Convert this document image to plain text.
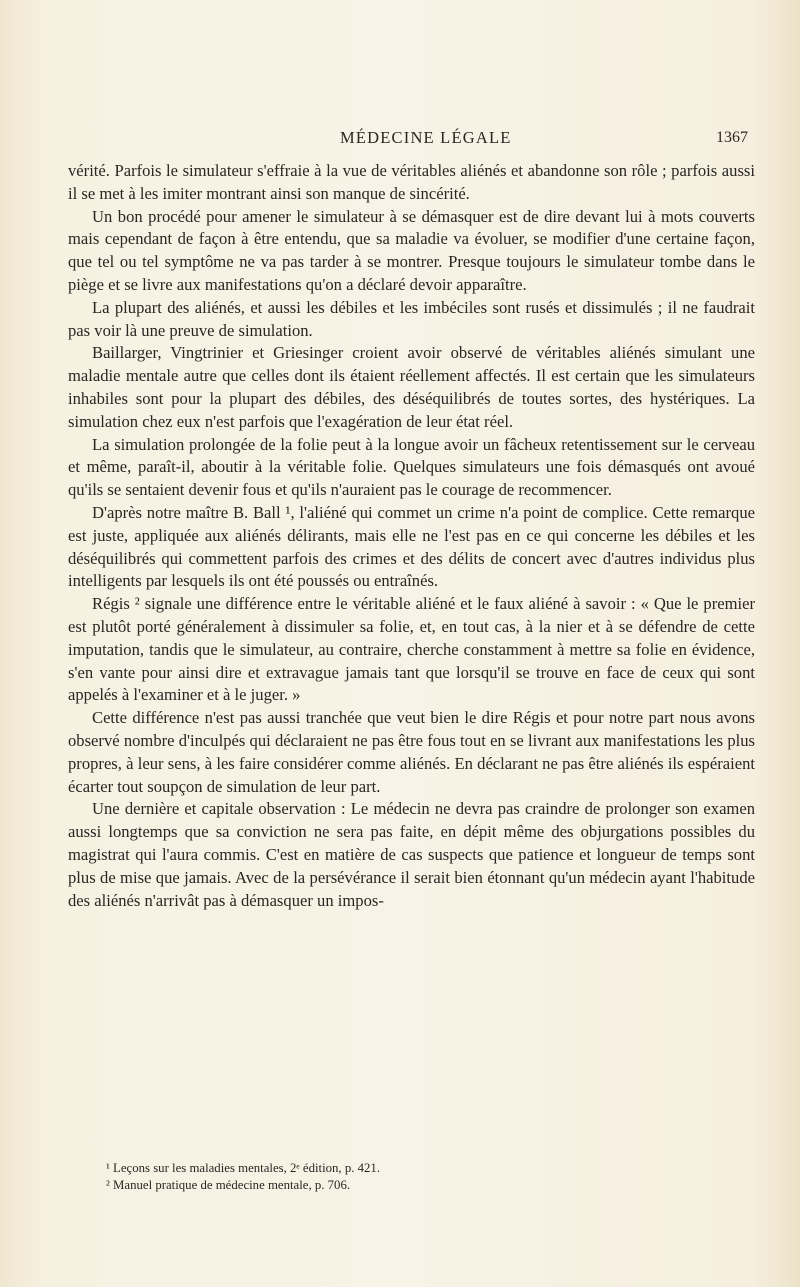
MÉDECINE LÉGALE	1367

vérité. Parfois le simulateur s'effraie à la vue de véritables aliénés et abandonne son rôle ; parfois aussi il se met à les imiter montrant ainsi son manque de sincérité.

Un bon procédé pour amener le simulateur à se démasquer est de dire devant lui à mots couverts mais cependant de façon à être entendu, que sa maladie va évoluer, se modifier d'une certaine façon, que tel ou tel symptôme ne va pas tarder à se montrer. Presque toujours le simulateur tombe dans le piège et se livre aux manifestations qu'on a déclaré devoir apparaître.

La plupart des aliénés, et aussi les débiles et les imbéciles sont rusés et dissimulés ; il ne faudrait pas voir là une preuve de simulation.

Baillarger, Vingtrinier et Griesinger croient avoir observé de véritables aliénés simulant une maladie mentale autre que celles dont ils étaient réellement affectés. Il est certain que les simulateurs inhabiles sont pour la plupart des débiles, des déséquilibrés de toutes sortes, des hystériques. La simulation chez eux n'est parfois que l'exagération de leur état réel.

La simulation prolongée de la folie peut à la longue avoir un fâcheux retentissement sur le cerveau et même, paraît-il, aboutir à la véritable folie. Quelques simulateurs une fois démasqués ont avoué qu'ils se sentaient devenir fous et qu'ils n'auraient pas le courage de recommencer.

D'après notre maître B. Ball ¹, l'aliéné qui commet un crime n'a point de complice. Cette remarque est juste, appliquée aux aliénés délirants, mais elle ne l'est pas en ce qui concerne les débiles et les déséquilibrés qui commettent parfois des crimes et des délits de concert avec d'autres individus plus intelligents par lesquels ils ont été poussés ou entraînés.

Régis ² signale une différence entre le véritable aliéné et le faux aliéné à savoir : « Que le premier est plutôt porté généralement à dissimuler sa folie, et, en tout cas, à la nier et à se défendre de cette imputation, tandis que le simulateur, au contraire, cherche constamment à mettre sa folie en évidence, s'en vante pour ainsi dire et extravague jamais tant que lorsqu'il se trouve en face de ceux qui sont appelés à l'examiner et à le juger. »

Cette différence n'est pas aussi tranchée que veut bien le dire Régis et pour notre part nous avons observé nombre d'inculpés qui déclaraient ne pas être fous tout en se livrant aux manifestations les plus propres, à leur sens, à les faire considérer comme aliénés. En déclarant ne pas être aliénés ils espéraient écarter tout soupçon de simulation de leur part.

Une dernière et capitale observation : Le médecin ne devra pas craindre de prolonger son examen aussi longtemps que sa conviction ne sera pas faite, en dépit même des objurgations possibles du magistrat qui l'aura commis. C'est en matière de cas suspects que patience et longueur de temps sont plus de mise que jamais. Avec de la persévérance il serait bien étonnant qu'un médecin ayant l'habitude des aliénés n'arrivât pas à démasquer un impos-

¹ Leçons sur les maladies mentales, 2ᵉ édition, p. 421.
² Manuel pratique de médecine mentale, p. 706.
